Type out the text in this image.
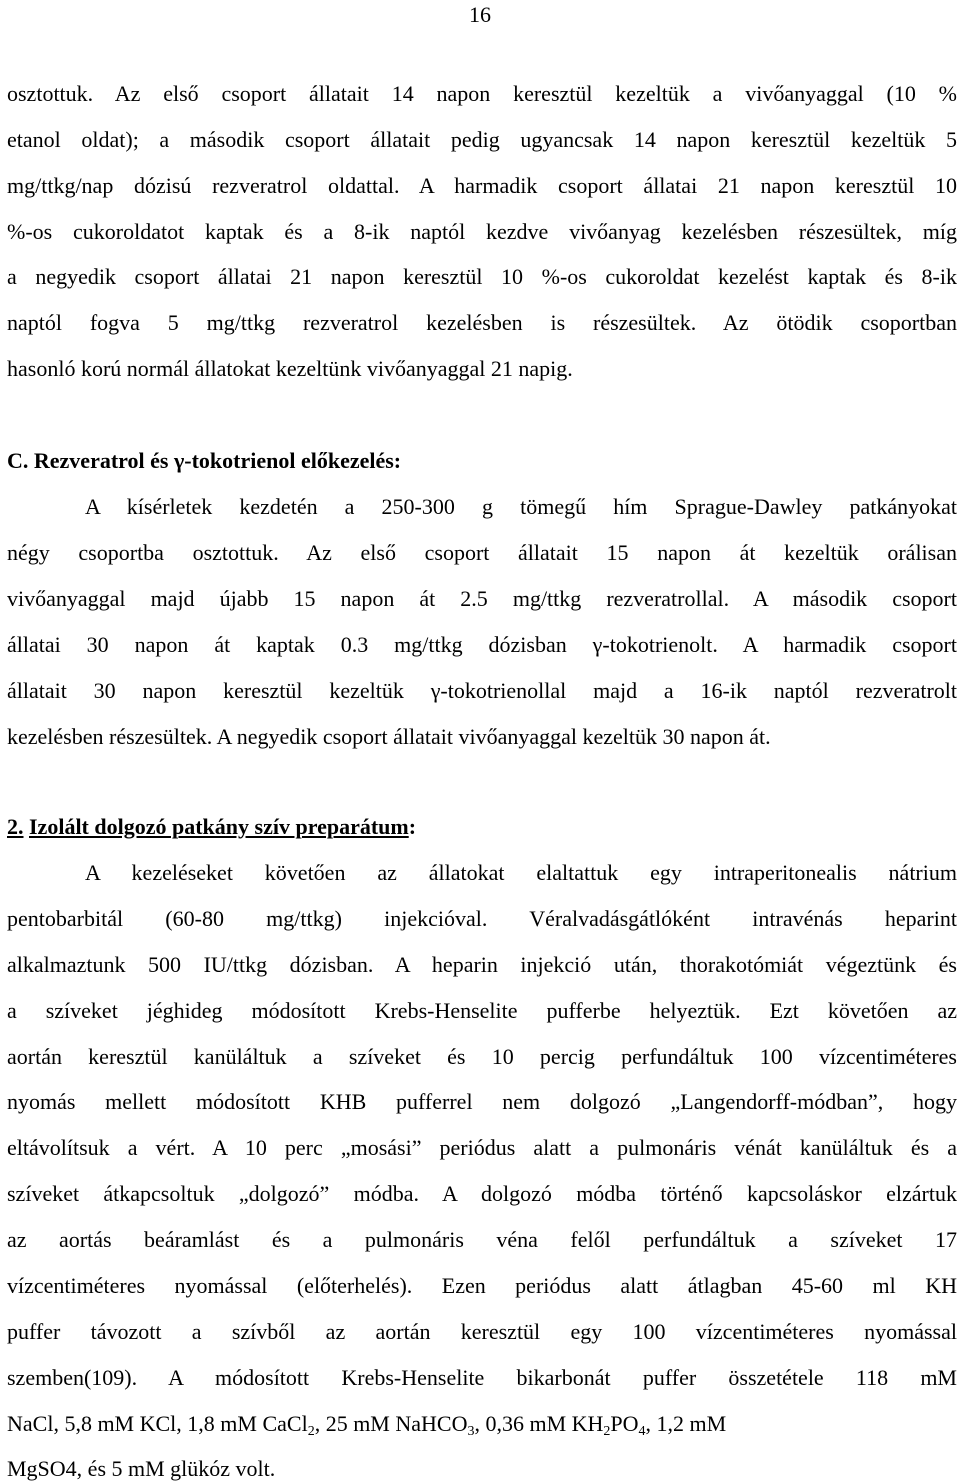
16
osztottuk. Az első csoport állatait 14 napon keresztül kezeltük a vivőanyaggal (10 %
etanol oldat); a második csoport állatait pedig ugyancsak 14 napon keresztül kezeltük 5
mg/ttkg/nap dózisú rezveratrol oldattal. A harmadik csoport állatai 21 napon keresztül 10
%-os cukoroldatot kaptak és a 8-ik naptól kezdve vivőanyag kezelésben részesültek, míg
a negyedik csoport állatai 21 napon keresztül 10 %-os cukoroldat kezelést kaptak és 8-ik
naptól fogva 5 mg/ttkg rezveratrol kezelésben is részesültek. Az ötödik csoportban
hasonló korú normál állatokat kezeltünk vivőanyaggal 21 napig.
C. Rezveratrol és γ-tokotrienol előkezelés:
A kísérletek kezdetén a 250-300 g tömegű hím Sprague-Dawley patkányokat
négy csoportba osztottuk. Az első csoport állatait 15 napon át kezeltük orálisan
vivőanyaggal majd újabb 15 napon át 2.5 mg/ttkg rezveratrollal. A második csoport
állatai 30 napon át kaptak 0.3 mg/ttkg dózisban γ-tokotrienolt. A harmadik csoport
állatait 30 napon keresztül kezeltük γ-tokotrienollal majd a 16-ik naptól rezveratrolt
kezelésben részesültek. A negyedik csoport állatait vivőanyaggal kezeltük 30 napon át.
2. Izolált dolgozó patkány szív preparátum:
A kezeléseket követően az állatokat elaltattuk egy intraperitonealis nátrium
pentobarbitál (60-80 mg/ttkg) injekcióval. Véralvadásgátlóként intravénás heparint
alkalmaztunk 500 IU/ttkg dózisban. A heparin injekció után, thorakotómiát végeztünk és
a szíveket jéghideg módosított Krebs-Henselite pufferbe helyeztük. Ezt követően az
aortán keresztül kanüláltuk a szíveket és 10 percig perfundáltuk 100 vízcentiméteres
nyomás mellett módosított KHB pufferrel nem dolgozó „Langendorff-módban”, hogy
eltávolítsuk a vért. A 10 perc „mosási” periódus alatt a pulmonáris vénát kanüláltuk és a
szíveket átkapcsoltuk „dolgozó” módba. A dolgozó módba történő kapcsoláskor elzártuk
az aortás beáramlást és a pulmonáris véna felől perfundáltuk a szíveket 17
vízcentiméteres nyomással (előterhelés). Ezen periódus alatt átlagban 45-60 ml KH
puffer távozott a szívből az aortán keresztül egy 100 vízcentiméteres nyomással
szemben(109). A módosított Krebs-Henselite bikarbonát puffer összetétele 118 mM
NaCl, 5,8 mM KCl, 1,8 mM CaCl$_2$, 25 mM NaHCO$_3$, 0,36 mM $KH_2PO_4$, 1,2 mM
MgSO4, és 5 mM glükóz volt.
